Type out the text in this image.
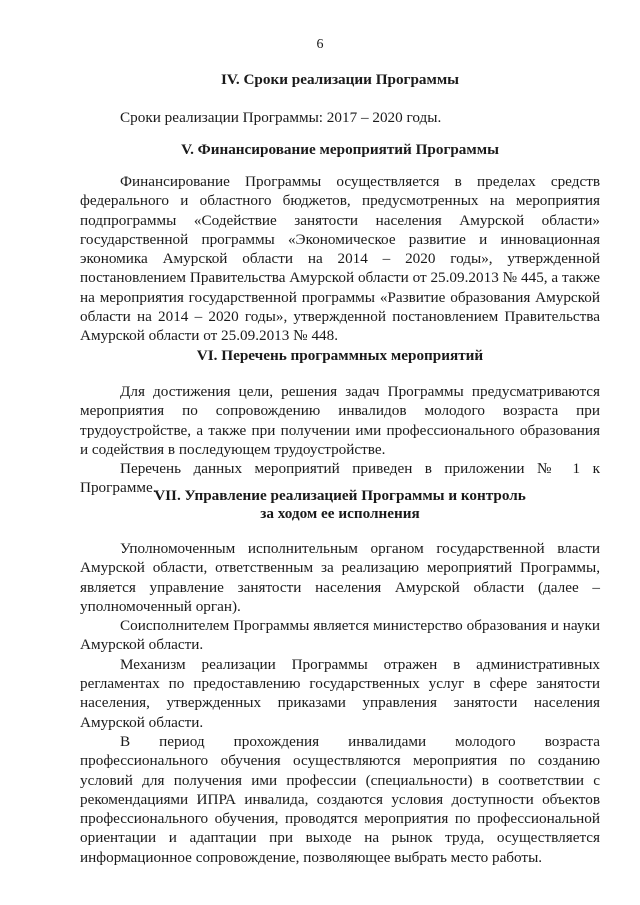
6
IV. Сроки реализации Программы

Сроки реализации Программы: 2017 – 2020 годы.

V. Финансирование мероприятий Программы

Финансирование Программы осуществляется в пределах средств федерального и областного бюджетов, предусмотренных на мероприятия подпрограммы «Содействие занятости населения Амурской области» государственной программы «Экономическое развитие и инновационная экономика Амурской области на 2014 – 2020 годы», утвержденной постановлением Правительства Амурской области от 25.09.2013 № 445, а также на мероприятия государственной программы «Развитие образования Амурской области на 2014 – 2020 годы», утвержденной постановлением Правительства Амурской области от 25.09.2013 № 448.

VI. Перечень программных мероприятий

Для достижения цели, решения задач Программы предусматриваются мероприятия по сопровождению инвалидов молодого возраста при трудоустройстве, а также при получении ими профессионального образования и содействия в последующем трудоустройстве.

Перечень данных мероприятий приведен в приложении № 1 к Программе.

VII. Управление реализацией Программы и контроль
за ходом ее исполнения

Уполномоченным исполнительным органом государственной власти Амурской области, ответственным за реализацию мероприятий Программы, является управление занятости населения Амурской области (далее – уполномоченный орган).

Соисполнителем Программы является министерство образования и науки Амурской области.

Механизм реализации Программы отражен в административных регламентах по предоставлению государственных услуг в сфере занятости населения, утвержденных приказами управления занятости населения Амурской области.

В период прохождения инвалидами молодого возраста профессионального обучения осуществляются мероприятия по созданию условий для получения ими профессии (специальности) в соответствии с рекомендациями ИПРА инвалида, создаются условия доступности объектов профессионального обучения, проводятся мероприятия по профессиональной ориентации и адаптации при выходе на рынок труда, осуществляется информационное сопровождение, позволяющее выбрать место работы.
